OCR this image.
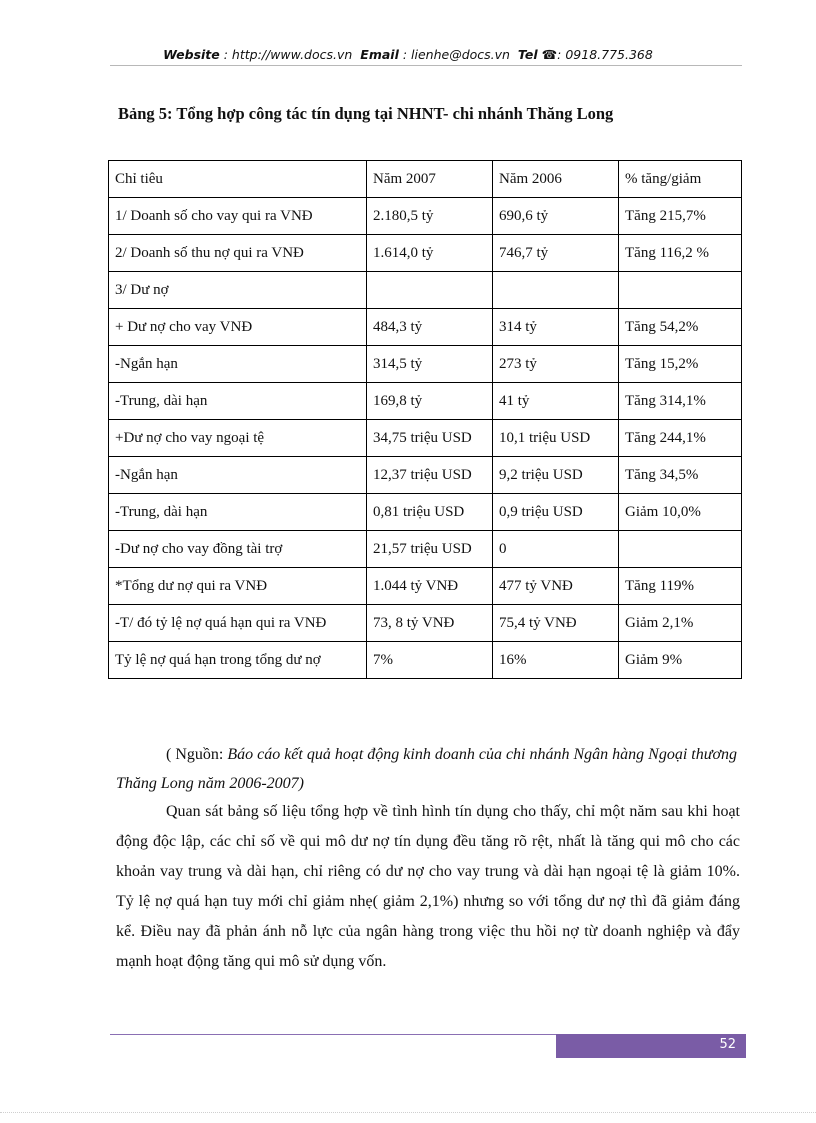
Website : http://www.docs.vn Email : lienhe@docs.vn Tel ☎: 0918.775.368
Bảng 5: Tổng hợp công tác tín dụng tại NHNT- chi nhánh Thăng Long
Chỉ tiêu	Năm 2007	Năm 2006	% tăng/giảm
1/ Doanh số cho vay qui ra VNĐ	2.180,5 tỷ	690,6 tỷ	Tăng 215,7%
2/ Doanh số thu nợ qui ra VNĐ	1.614,0 tỷ	746,7 tỷ	Tăng 116,2 %
3/ Dư nợ			
+ Dư nợ cho vay VNĐ	484,3 tỷ	314 tỷ	Tăng 54,2%
-Ngắn hạn	314,5 tỷ	273 tỷ	Tăng 15,2%
-Trung, dài hạn	169,8 tỷ	41 tỷ	Tăng 314,1%
+Dư nợ cho vay ngoại tệ	34,75 triệu USD	10,1 triệu USD	Tăng 244,1%
-Ngắn hạn	12,37 triệu USD	9,2 triệu USD	Tăng 34,5%
-Trung, dài hạn	0,81 triệu USD	0,9 triệu USD	Giảm 10,0%
-Dư nợ cho vay đồng tài trợ	21,57 triệu USD	0	
*Tổng dư nợ qui ra VNĐ	1.044 tỷ VNĐ	477 tỷ VNĐ	Tăng 119%
-T/ đó tỷ lệ nợ quá hạn qui ra VNĐ	73, 8 tỷ VNĐ	75,4 tỷ VNĐ	Giảm 2,1%
Tỷ lệ nợ quá hạn trong tổng dư nợ	7%	16%	Giảm 9%
( Nguồn: Báo cáo kết quả hoạt động kinh doanh của chi nhánh Ngân hàng Ngoại thương Thăng Long năm 2006-2007)
Quan sát bảng số liệu tổng hợp về tình hình tín dụng cho thấy, chỉ một năm sau khi hoạt động độc lập, các chỉ số về qui mô dư nợ tín dụng đều tăng rõ rệt, nhất là tăng qui mô cho các khoản vay trung và dài hạn, chỉ riêng có dư nợ cho vay trung và dài hạn ngoại tệ là giảm 10%. Tỷ lệ nợ quá hạn tuy mới chỉ giảm nhẹ( giảm 2,1%) nhưng so với tổng dư nợ thì đã giảm đáng kể. Điều nay đã phản ánh nỗ lực của ngân hàng trong việc thu hồi nợ từ doanh nghiệp và đẩy mạnh hoạt động tăng qui mô sử dụng vốn.
52
